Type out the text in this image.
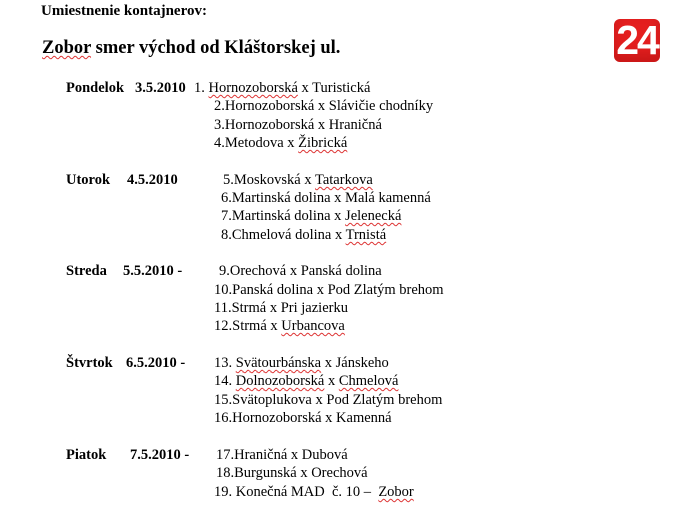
Umiestnenie kontajnerov:
Zobor smer východ od Kláštorskej ul.	24
Pondelok 3.5.2010 1. Hornozoborská x Turistická
2.Hornozoborská x Slávičie chodníky
3.Hornozoborská x Hraničná
4.Metodova x Žibrická
Utorok 4.5.2010	5.Moskovská x Tatarkova
6.Martinská dolina x Malá kamenná
7.Martinská dolina x Jelenecká
8.Chmelová dolina x Trnistá
Streda 5.5.2010 -	9.Orechová x Panská dolina
10.Panská dolina x Pod Zlatým brehom
11.Strmá x Pri jazierku
12.Strmá x Urbancova
Štvrtok 6.5.2010 - 13. Svätourbánska x Jánskeho
14. Dolnozoborská x Chmelová
15.Svätoplukova x Pod Zlatým brehom
16.Hornozoborská x Kamenná
Piatok 7.5.2010 - 17.Hraničná x Dubová
18.Burgunská x Orechová
19. Konečná MAD  č. 10 –  Zobor
